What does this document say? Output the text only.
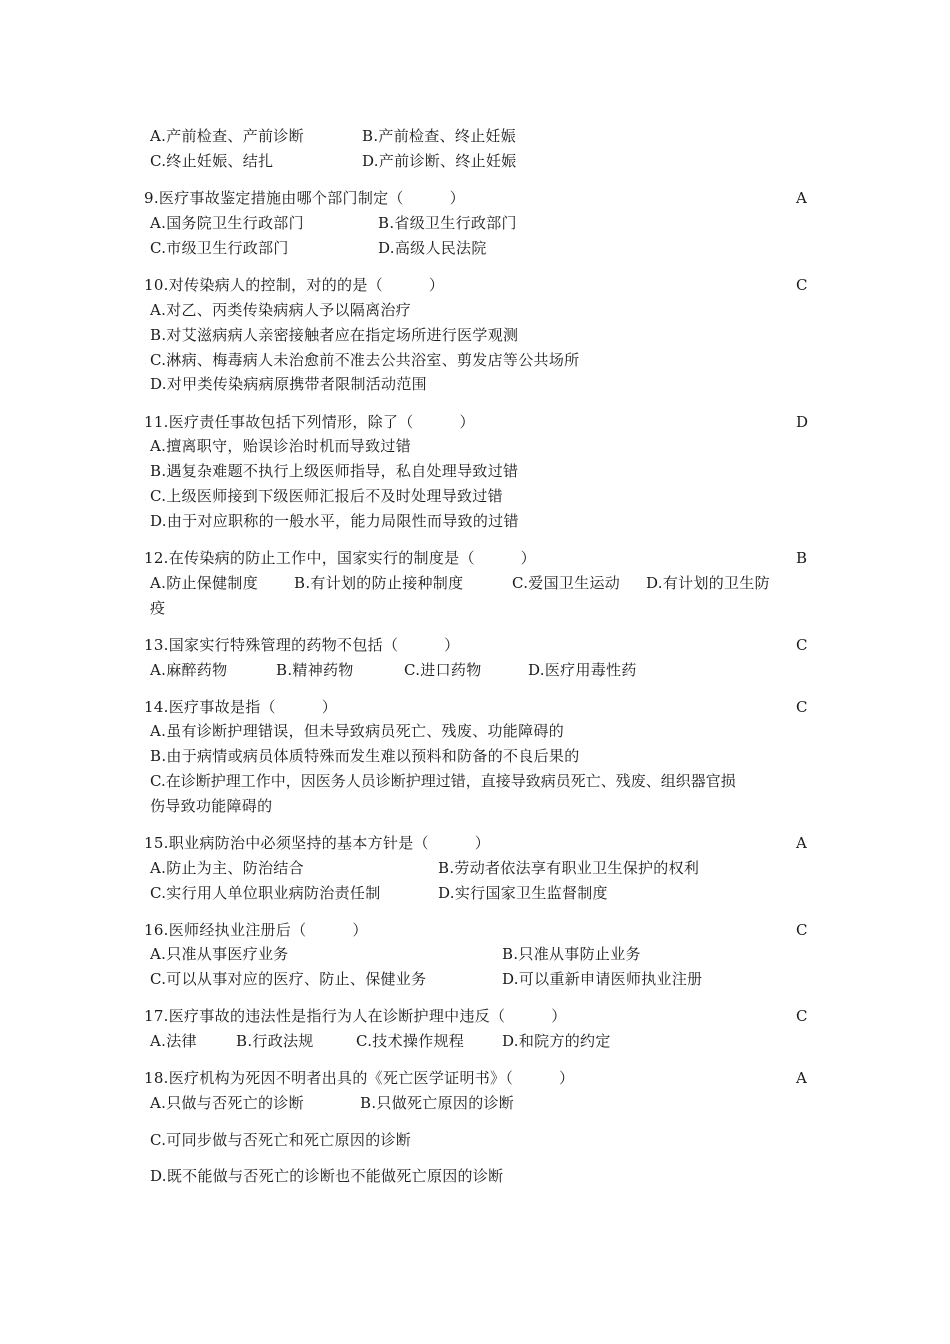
A.产前检查、产前诊断	B.产前检查、终止妊娠
C.终止妊娠、结扎	D.产前诊断、终止妊娠
9.医疗事故鉴定措施由哪个部门制定（　　　）	A
A.国务院卫生行政部门	B.省级卫生行政部门
C.市级卫生行政部门	D.高级人民法院
10.对传染病人的控制，对的的是（　　　）	C
A.对乙、丙类传染病病人予以隔离治疗
B.对艾滋病病人亲密接触者应在指定场所进行医学观测
C.淋病、梅毒病人未治愈前不准去公共浴室、剪发店等公共场所
D.对甲类传染病病原携带者限制活动范围
11.医疗责任事故包括下列情形，除了（　　　）	D
A.擅离职守，贻误诊治时机而导致过错
B.遇复杂难题不执行上级医师指导，私自处理导致过错
C.上级医师接到下级医师汇报后不及时处理导致过错
D.由于对应职称的一般水平，能力局限性而导致的过错
12.在传染病的防止工作中，国家实行的制度是（　　　）	B
A.防止保健制度 B.有计划的防止接种制度	C.爱国卫生运动 D.有计划的卫生防
疫
13.国家实行特殊管理的药物不包括（　　　）	C
A.麻醉药物	B.精神药物	C.进口药物	D.医疗用毒性药
14.医疗事故是指（　　　）	C
A.虽有诊断护理错误，但未导致病员死亡、残废、功能障碍的
B.由于病情或病员体质特殊而发生难以预料和防备的不良后果的
C.在诊断护理工作中，因医务人员诊断护理过错，直接导致病员死亡、残废、组织器官损
伤导致功能障碍的
15.职业病防治中必须坚持的基本方针是（　　　）	A
A.防止为主、防治结合	B.劳动者依法享有职业卫生保护的权利
C.实行用人单位职业病防治责任制	D.实行国家卫生监督制度
16.医师经执业注册后（　　　）	C
A.只准从事医疗业务	B.只准从事防止业务
C.可以从事对应的医疗、防止、保健业务	D.可以重新申请医师执业注册
17.医疗事故的违法性是指行为人在诊断护理中违反（　　　）	C
A.法律	B.行政法规	C.技术操作规程	D.和院方的约定
18.医疗机构为死因不明者出具的《死亡医学证明书》（　　　）	A
A.只做与否死亡的诊断	B.只做死亡原因的诊断
C.可同步做与否死亡和死亡原因的诊断
D.既不能做与否死亡的诊断也不能做死亡原因的诊断
